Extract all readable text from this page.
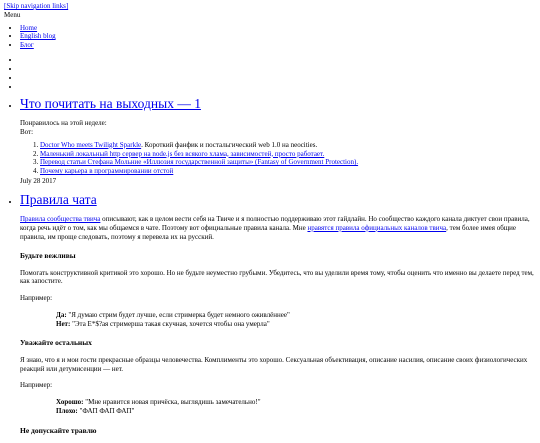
[Skip navigation links]
Menu
• Home
• English blog
• Блог
•
•
•
•
• Что почитать на выходных — 1

Понравилось на этой неделе:

Вот:

1. Doctor Who meets Twilight Sparkle. Короткий фанфик и постальгический web 1.0 на neocities.
2. Маленький локальный http сервер на node.js без всякого хлама, зависимостей, просто работает.
3. Перевод статьи Стефана Мольние «Иллюзия государственной защиты» (Fantasy of Government Protection).
4. Почему карьера в программировании отстой
July 28 2017
• Правила чата

Правила сообщества твича описывают, как в целом вести себя на Твиче и я полностью поддерживаю этот гайдлайн. Но сообщество каждого канала диктует свои правила, когда речь идёт о том, как мы общаемся в чате. Поэтому вот официальные правила канала. Мне нравятся правила официальных каналов твича, тем более имея общие правила, им проще следовать, поэтому я перевела их на русский.

Будьте вежливы

Помогать конструктивной критикой это хорошо. Но не будьте неуместно грубыми. Убедитесь, что вы уделили время тому, чтобы оценить что именно вы делаете перед тем, как запостите.

Например:

Да: "Я думаю стрим будет лучше, если стримерка будет немного оживлённее"
Нет: "Эта Е*$?ая стримерша такая скучная, хочется чтобы она умерла"
Уважайте остальных

Я знаю, что я и мои гости прекрасные образцы человечества. Комплименты это хорошо. Сексуальная объективация, описание насилия, описание своих физиологических реакций или детумисенции — нет.

Например:

Хорошо: "Мне нравится новая причёска, выглядишь замечательно!"
Плохо: "ФАП ФАП ФАП"
Не допускайте травлю
